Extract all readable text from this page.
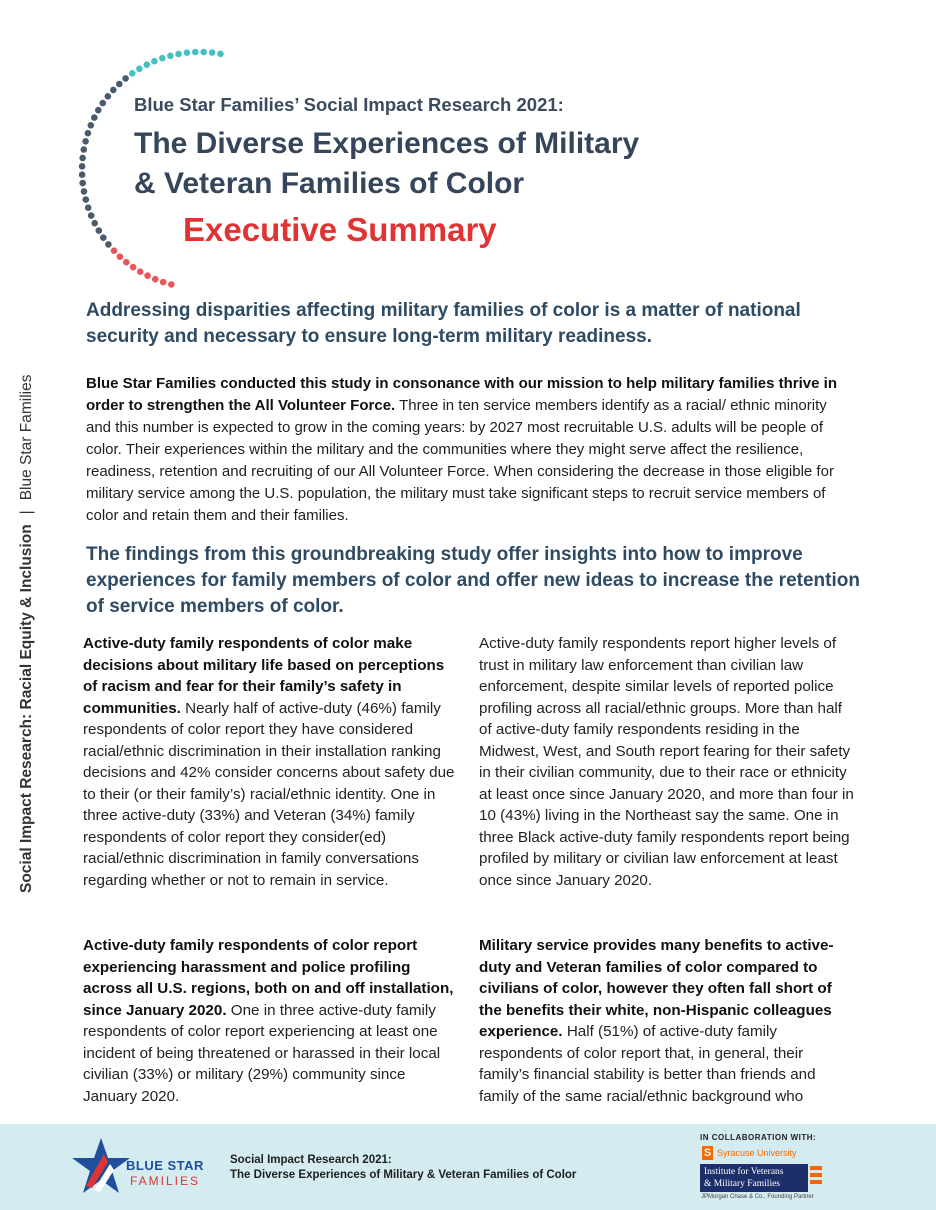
Social Impact Research: Racial Equity & Inclusion
|
Blue Star Families
Blue Star Families’ Social Impact Research 2021:
The Diverse Experiences of Military
& Veteran Families of Color
Executive Summary
Addressing disparities affecting military families of color is a matter of national security and necessary to ensure long-term military readiness.
Blue Star Families conducted this study in consonance with our mission to help military families thrive in order to strengthen the All Volunteer Force. Three in ten service members identify as a racial/ ethnic minority and this number is expected to grow in the coming years: by 2027 most recruitable U.S. adults will be people of color. Their experiences within the military and the communities where they might serve affect the resilience, readiness, retention and recruiting of our All Volunteer Force. When considering the decrease in those eligible for military service among the U.S. population, the military must take significant steps to recruit service members of color and retain them and their families.
The findings from this groundbreaking study offer insights into how to improve experiences for family members of color and offer new ideas to increase the retention of service members of color.
Active-duty family respondents of color make decisions about military life based on perceptions of racism and fear for their family’s safety in communities. Nearly half of active-duty (46%) family respondents of color report they have considered racial/ethnic discrimination in their installation ranking decisions and 42% consider concerns about safety due to their (or their family’s) racial/ethnic identity. One in three active-duty (33%) and Veteran (34%) family respondents of color report they consider(ed) racial/ethnic discrimination in family conversations regarding whether or not to remain in service.
Active-duty family respondents report higher levels of trust in military law enforcement than civilian law enforcement, despite similar levels of reported police profiling across all racial/ethnic groups. More than half of active-duty family respondents residing in the Midwest, West, and South report fearing for their safety in their civilian community, due to their race or ethnicity at least once since January 2020, and more than four in 10 (43%) living in the Northeast say the same. One in three Black active-duty family respondents report being profiled by military or civilian law enforcement at least once since January 2020.
Active-duty family respondents of color report experiencing harassment and police profiling across all U.S. regions, both on and off installation, since January 2020. One in three active-duty family respondents of color report experiencing at least one incident of being threatened or harassed in their local civilian (33%) or military (29%) community since January 2020.
Military service provides many benefits to active-duty and Veteran families of color compared to civilians of color, however they often fall short of the benefits their white, non-Hispanic colleagues experience. Half (51%) of active-duty family respondents of color report that, in general, their family’s financial stability is better than friends and family of the same racial/ethnic background who
BLUE STAR
FAMILIES
Social Impact Research 2021:
The Diverse Experiences of Military & Veteran Families of Color
IN COLLABORATION WITH:
S Syracuse University
Institute for Veterans
& Military Families
JPMorgan Chase & Co., Founding Partner
